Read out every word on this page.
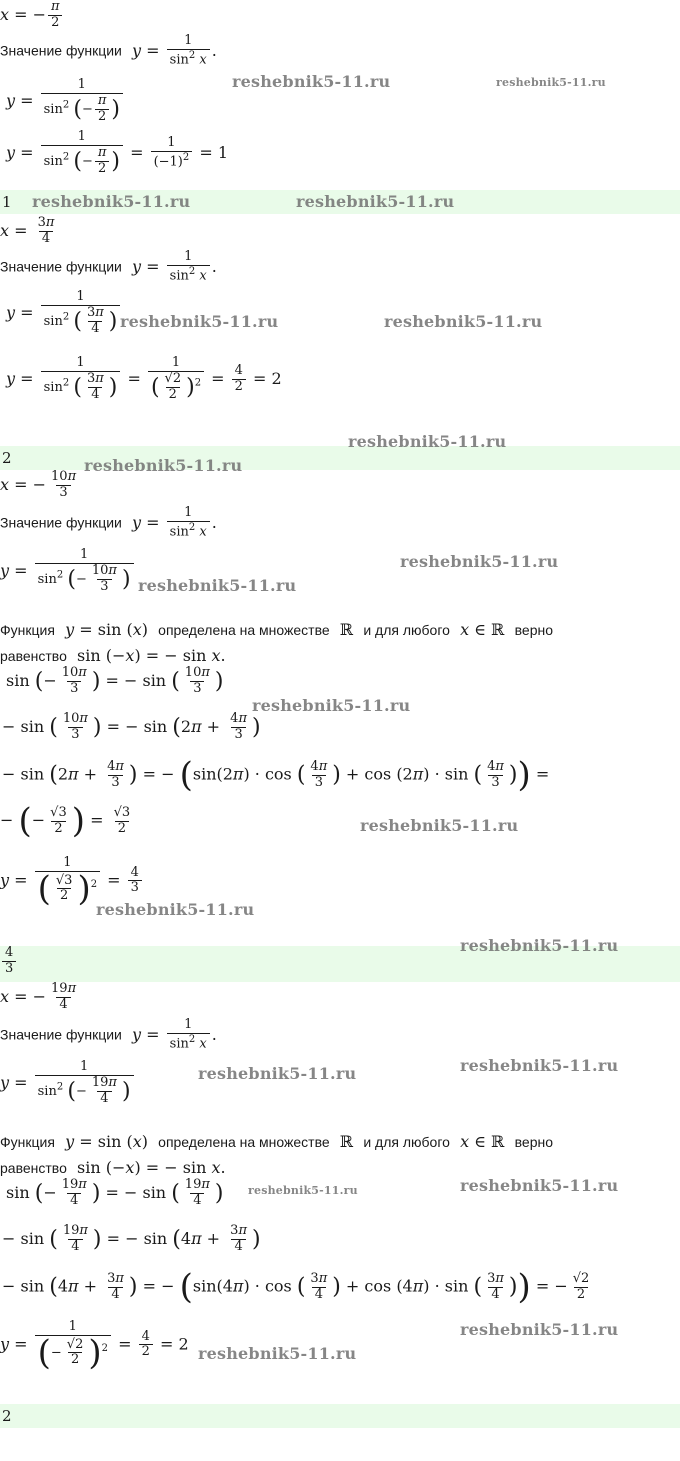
x = − $\frac{\pi}{2}$
Значение функции $y = \frac{1}{\sin^2 x}$ .
$y = \frac{1}{\sin^2 (- \frac{\pi}{2} )}$
$y = \frac{1}{\sin^2 (- \frac{\pi}{2} )} = \frac{1}{(-1)^2} = 1$
1
$x = \frac{3\pi}{4}$
Значение функции $y = \frac{1}{\sin^2 x}$ .
$y = \frac{1}{\sin^2 ( \frac{3\pi}{4} )}$
$y = \frac{1}{\sin^2 ( \frac{3\pi}{4} )} = \frac{1}{( \frac{√2}{2} )^2} = \frac{4}{2} = 2$
2
x = − $\frac{10\pi}{3}$
Значение функции $y = \frac{1}{\sin^2 x}$ .
$y = \frac{1}{\sin^2 (- \frac{10\pi}{3} )}$
Функция y = sin (x)  определена на множестве  ℝ  и для любого x ∈ ℝ  верно
равенство  sin (−x) = − sin x.
sin (− $\frac{10\pi}{3}$ ) = − sin ( $\frac{10\pi}{3}$ )
− sin ( $\frac{10\pi}{3}$ ) = − $\sin (2\pi + \frac{4\pi}{3}$ )
− $\sin (2\pi + \frac{4\pi}{3}$ ) = − (sin(2π) · cos ( $\frac{4\pi}{3}$ ) + cos (2π) · sin ( $\frac{4\pi}{3}$ )) =
− (− $\frac{√3}{2}$ ) = $\frac{√3}{2}$
$y = \frac{1}{( \frac{√3}{2} )^2} = \frac{4}{3}$
$\frac{4}{3}$
x = − $\frac{19\pi}{4}$
Значение функции $y = \frac{1}{\sin^2 x}$ .
$y = \frac{1}{\sin^2 (- \frac{19\pi}{4} )}$
Функция y = sin (x)  определена на множестве  ℝ  и для любого x ∈ ℝ  верно
равенство  sin (−x) = − sin x.
sin (− $\frac{19\pi}{4}$ ) = − sin ( $\frac{19\pi}{4}$ )
− sin ( $\frac{19\pi}{4}$ ) = − $\sin (4\pi + \frac{3\pi}{4}$ )
− $\sin (4\pi + \frac{3\pi}{4}$ ) = − (sin(4π) · cos ( $\frac{3\pi}{4}$ ) + cos (4π) · sin ( $\frac{3\pi}{4}$ )) = − $\frac{√2}{2}$
$y = \frac{1}{(- \frac{√2}{2} )^2} = \frac{4}{2} = 2$
2
reshebnik5-11.ru	reshebnik5-11.ru
reshebnik5-11.ru	reshebnik5-11.ru
reshebnik5-11.ru	reshebnik5-11.ru
reshebnik5-11.ru
reshebnik5-11.ru
reshebnik5-11.ru
reshebnik5-11.ru
reshebnik5-11.ru
reshebnik5-11.ru
reshebnik5-11.ru
reshebnik5-11.ru
reshebnik5-11.ru
reshebnik5-11.ru
reshebnik5-11.ru	reshebnik5-11.ru
reshebnik5-11.ru
reshebnik5-11.ru
